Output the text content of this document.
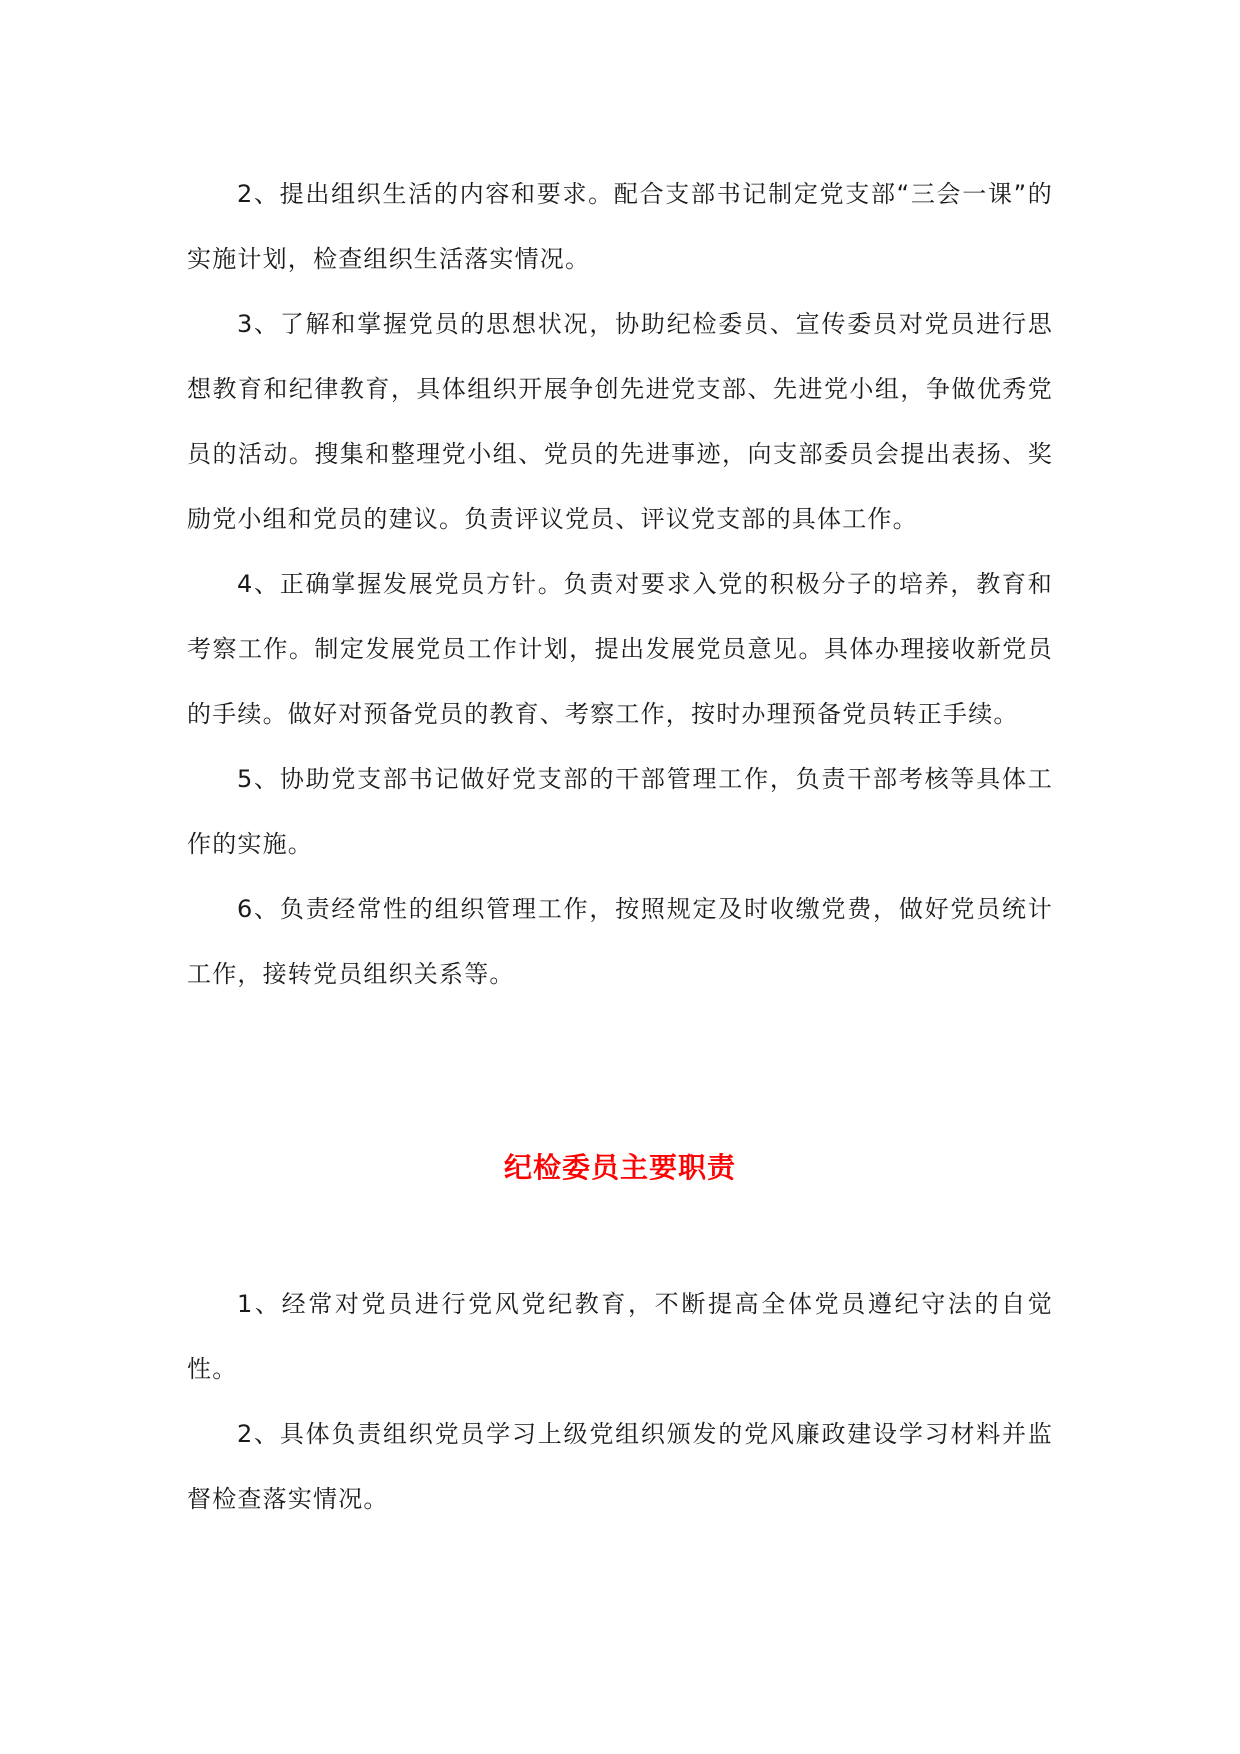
2、提出组织生活的内容和要求。配合支部书记制定党支部“三会一课”的实施计划，检查组织生活落实情况。

3、了解和掌握党员的思想状况，协助纪检委员、宣传委员对党员进行思想教育和纪律教育，具体组织开展争创先进党支部、先进党小组，争做优秀党员的活动。搜集和整理党小组、党员的先进事迹，向支部委员会提出表扬、奖励党小组和党员的建议。负责评议党员、评议党支部的具体工作。

4、正确掌握发展党员方针。负责对要求入党的积极分子的培养，教育和考察工作。制定发展党员工作计划，提出发展党员意见。具体办理接收新党员的手续。做好对预备党员的教育、考察工作，按时办理预备党员转正手续。

5、协助党支部书记做好党支部的干部管理工作，负责干部考核等具体工作的实施。

6、负责经常性的组织管理工作，按照规定及时收缴党费，做好党员统计工作，接转党员组织关系等。

纪检委员主要职责

1、经常对党员进行党风党纪教育，不断提高全体党员遵纪守法的自觉性。

2、具体负责组织党员学习上级党组织颁发的党风廉政建设学习材料并监督检查落实情况。
